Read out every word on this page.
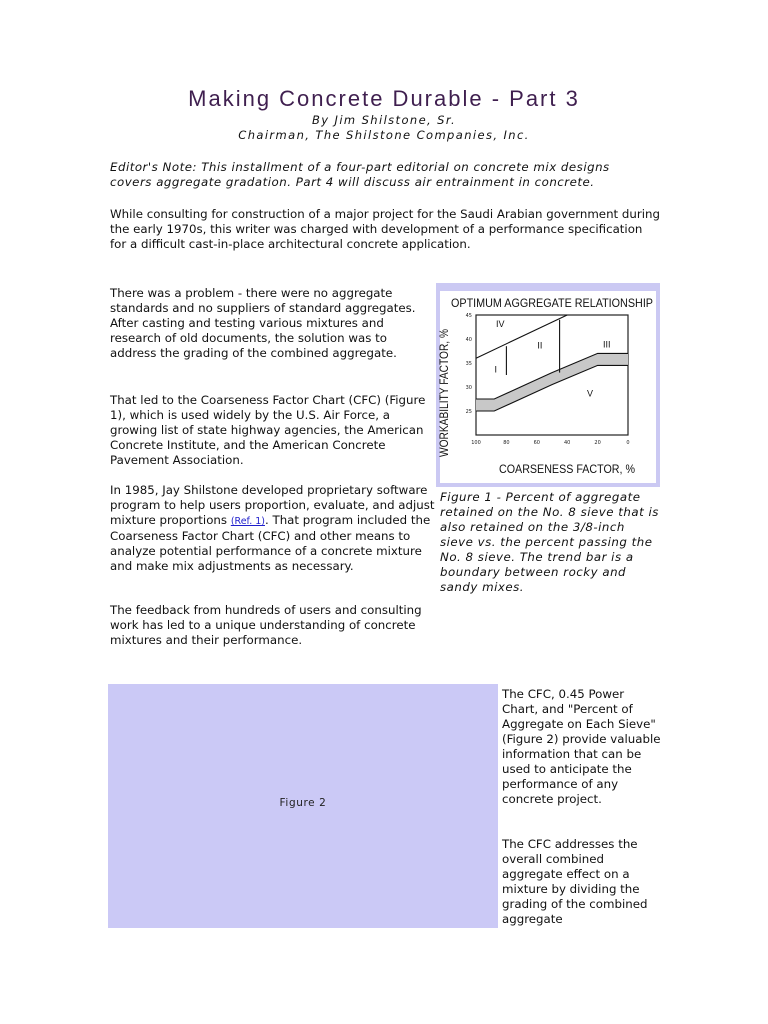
Making Concrete Durable - Part 3
By Jim Shilstone, Sr.
Chairman, The Shilstone Companies, Inc.

Editor's Note: This installment of a four-part editorial on concrete mix designs covers aggregate gradation. Part 4 will discuss air entrainment in concrete.

While consulting for construction of a major project for the Saudi Arabian government during the early 1970s, this writer was charged with development of a performance specification for a difficult cast-in-place architectural concrete application.

There was a problem - there were no aggregate standards and no suppliers of standard aggregates. After casting and testing various mixtures and research of old documents, the solution was to address the grading of the combined aggregate.

That led to the Coarseness Factor Chart (CFC) (Figure 1), which is used widely by the U.S. Air Force, a growing list of state highway agencies, the American Concrete Institute, and the American Concrete Pavement Association.

In 1985, Jay Shilstone developed proprietary software program to help users proportion, evaluate, and adjust mixture proportions (Ref. 1). That program included the Coarseness Factor Chart (CFC) and other means to analyze potential performance of a concrete mixture and make mix adjustments as necessary.

The feedback from hundreds of users and consulting work has led to a unique understanding of concrete mixtures and their performance.

OPTIMUM AGGREGATE RELATIONSHIP
WORKABILITY FACTOR, %
COARSENESS FACTOR, %
45
40
35
30
25
100	80	60	40	20	0
IV
II	III
I
V

Figure 1 - Percent of aggregate retained on the No. 8 sieve that is also retained on the 3/8-inch sieve vs. the percent passing the No. 8 sieve. The trend bar is a boundary between rocky and sandy mixes.

Figure 2

The CFC, 0.45 Power Chart, and "Percent of Aggregate on Each Sieve" (Figure 2) provide valuable information that can be used to anticipate the performance of any concrete project.

The CFC addresses the overall combined aggregate effect on a mixture by dividing the grading of the combined aggregate
